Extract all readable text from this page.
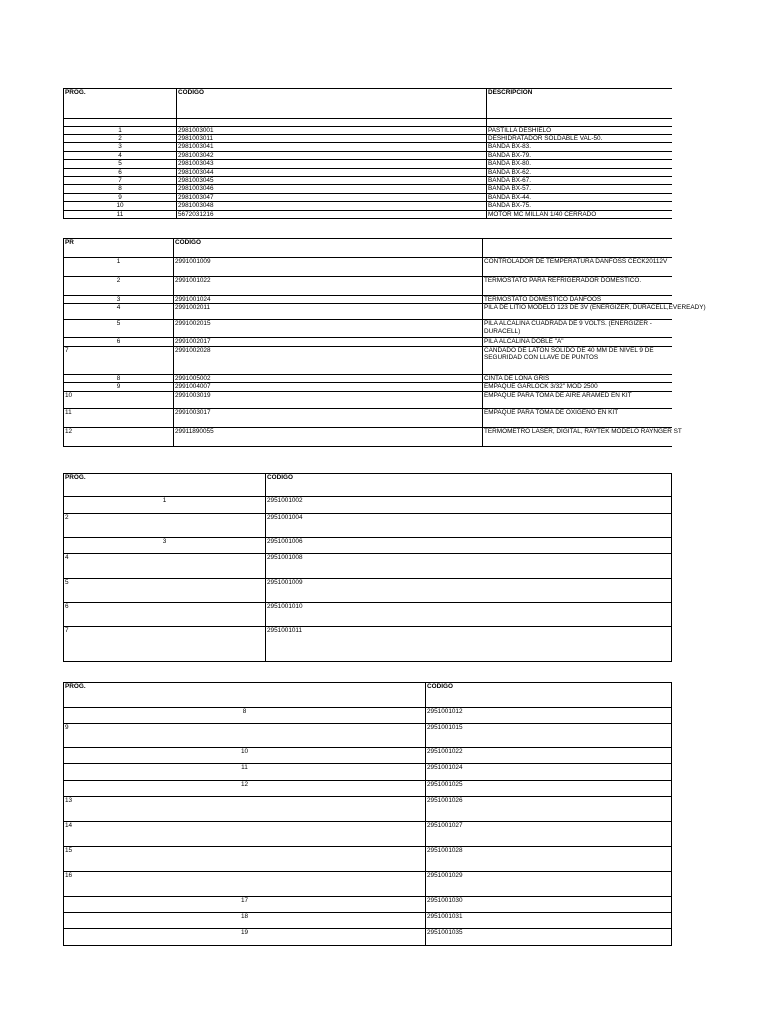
PROG.	CÓDIGO	DESCRIPCIÓN

1	2981003001	PASTILLA DESHIELO
2	2981003011	DESHIDRATADOR SOLDABLE VAL-50.
3	2981003041	BANDA BX-83.
4	2981003042	BANDA BX-79.
5	2981003043	BANDA BX-80.
6	2981003044	BANDA BX-62.
7	2981003045	BANDA BX-67.
8	2981003046	BANDA BX-57.
9	2981003047	BANDA BX-44.
10	2981003048	BANDA BX-75.
11	5672031216	MOTOR MC MILLAN 1/40 CERRADO
PR	CÓDIGO	
1	2991001009	CONTROLADOR DE TEMPERATURA DANFOSS CECK20112V
2	2991001022	TERMOSTATO PARA REFRIGERADOR DOMESTICO.
3	2991001024	TERMOSTATO DOMESTICO DANFOOS
4	2991002011	PILA DE LITIO MODELO 123 DE 3V (ENERGIZER, DURACELL,EVEREADY)
5	2991002015	PILA ALCALINA CUADRADA DE 9 VOLTS. (ENERGIZER - DURACELL)
6	2991002017	PILA ALCALINA DOBLE "A"
7	2991002028	CANDADO DE LATON SOLIDO DE 40 MM DE NIVEL 9 DE SEGURIDAD CON LLAVE DE PUNTOS
8	2991005002	CINTA DE LONA GRIS
9	2991004007	EMPAQUE GARLOCK 3/32" MOD 2500
10	2991003019	EMPAQUE PARA TOMA DE AIRE ARAMED EN KIT
11	2991003017	EMPAQUE PARA TOMA DE OXIGENO EN KIT
12	29911890055	TERMOMETRO LASER, DIGITAL, RAYTEK MODELO RAYNGER ST
PROG.	CÓDIGO
1	2951001002
2	2951001004
3	2951001006
4	2951001008
5	2951001009
6	2951001010
7	2951001011
PROG.	CÓDIGO
8	2951001012
9	2951001015
10	2951001022
11	2951001024
12	2951001025
13	2951001026
14	2951001027
15	2951001028
16	2951001029
17	2951001030
18	2951001031
19	2951001035
